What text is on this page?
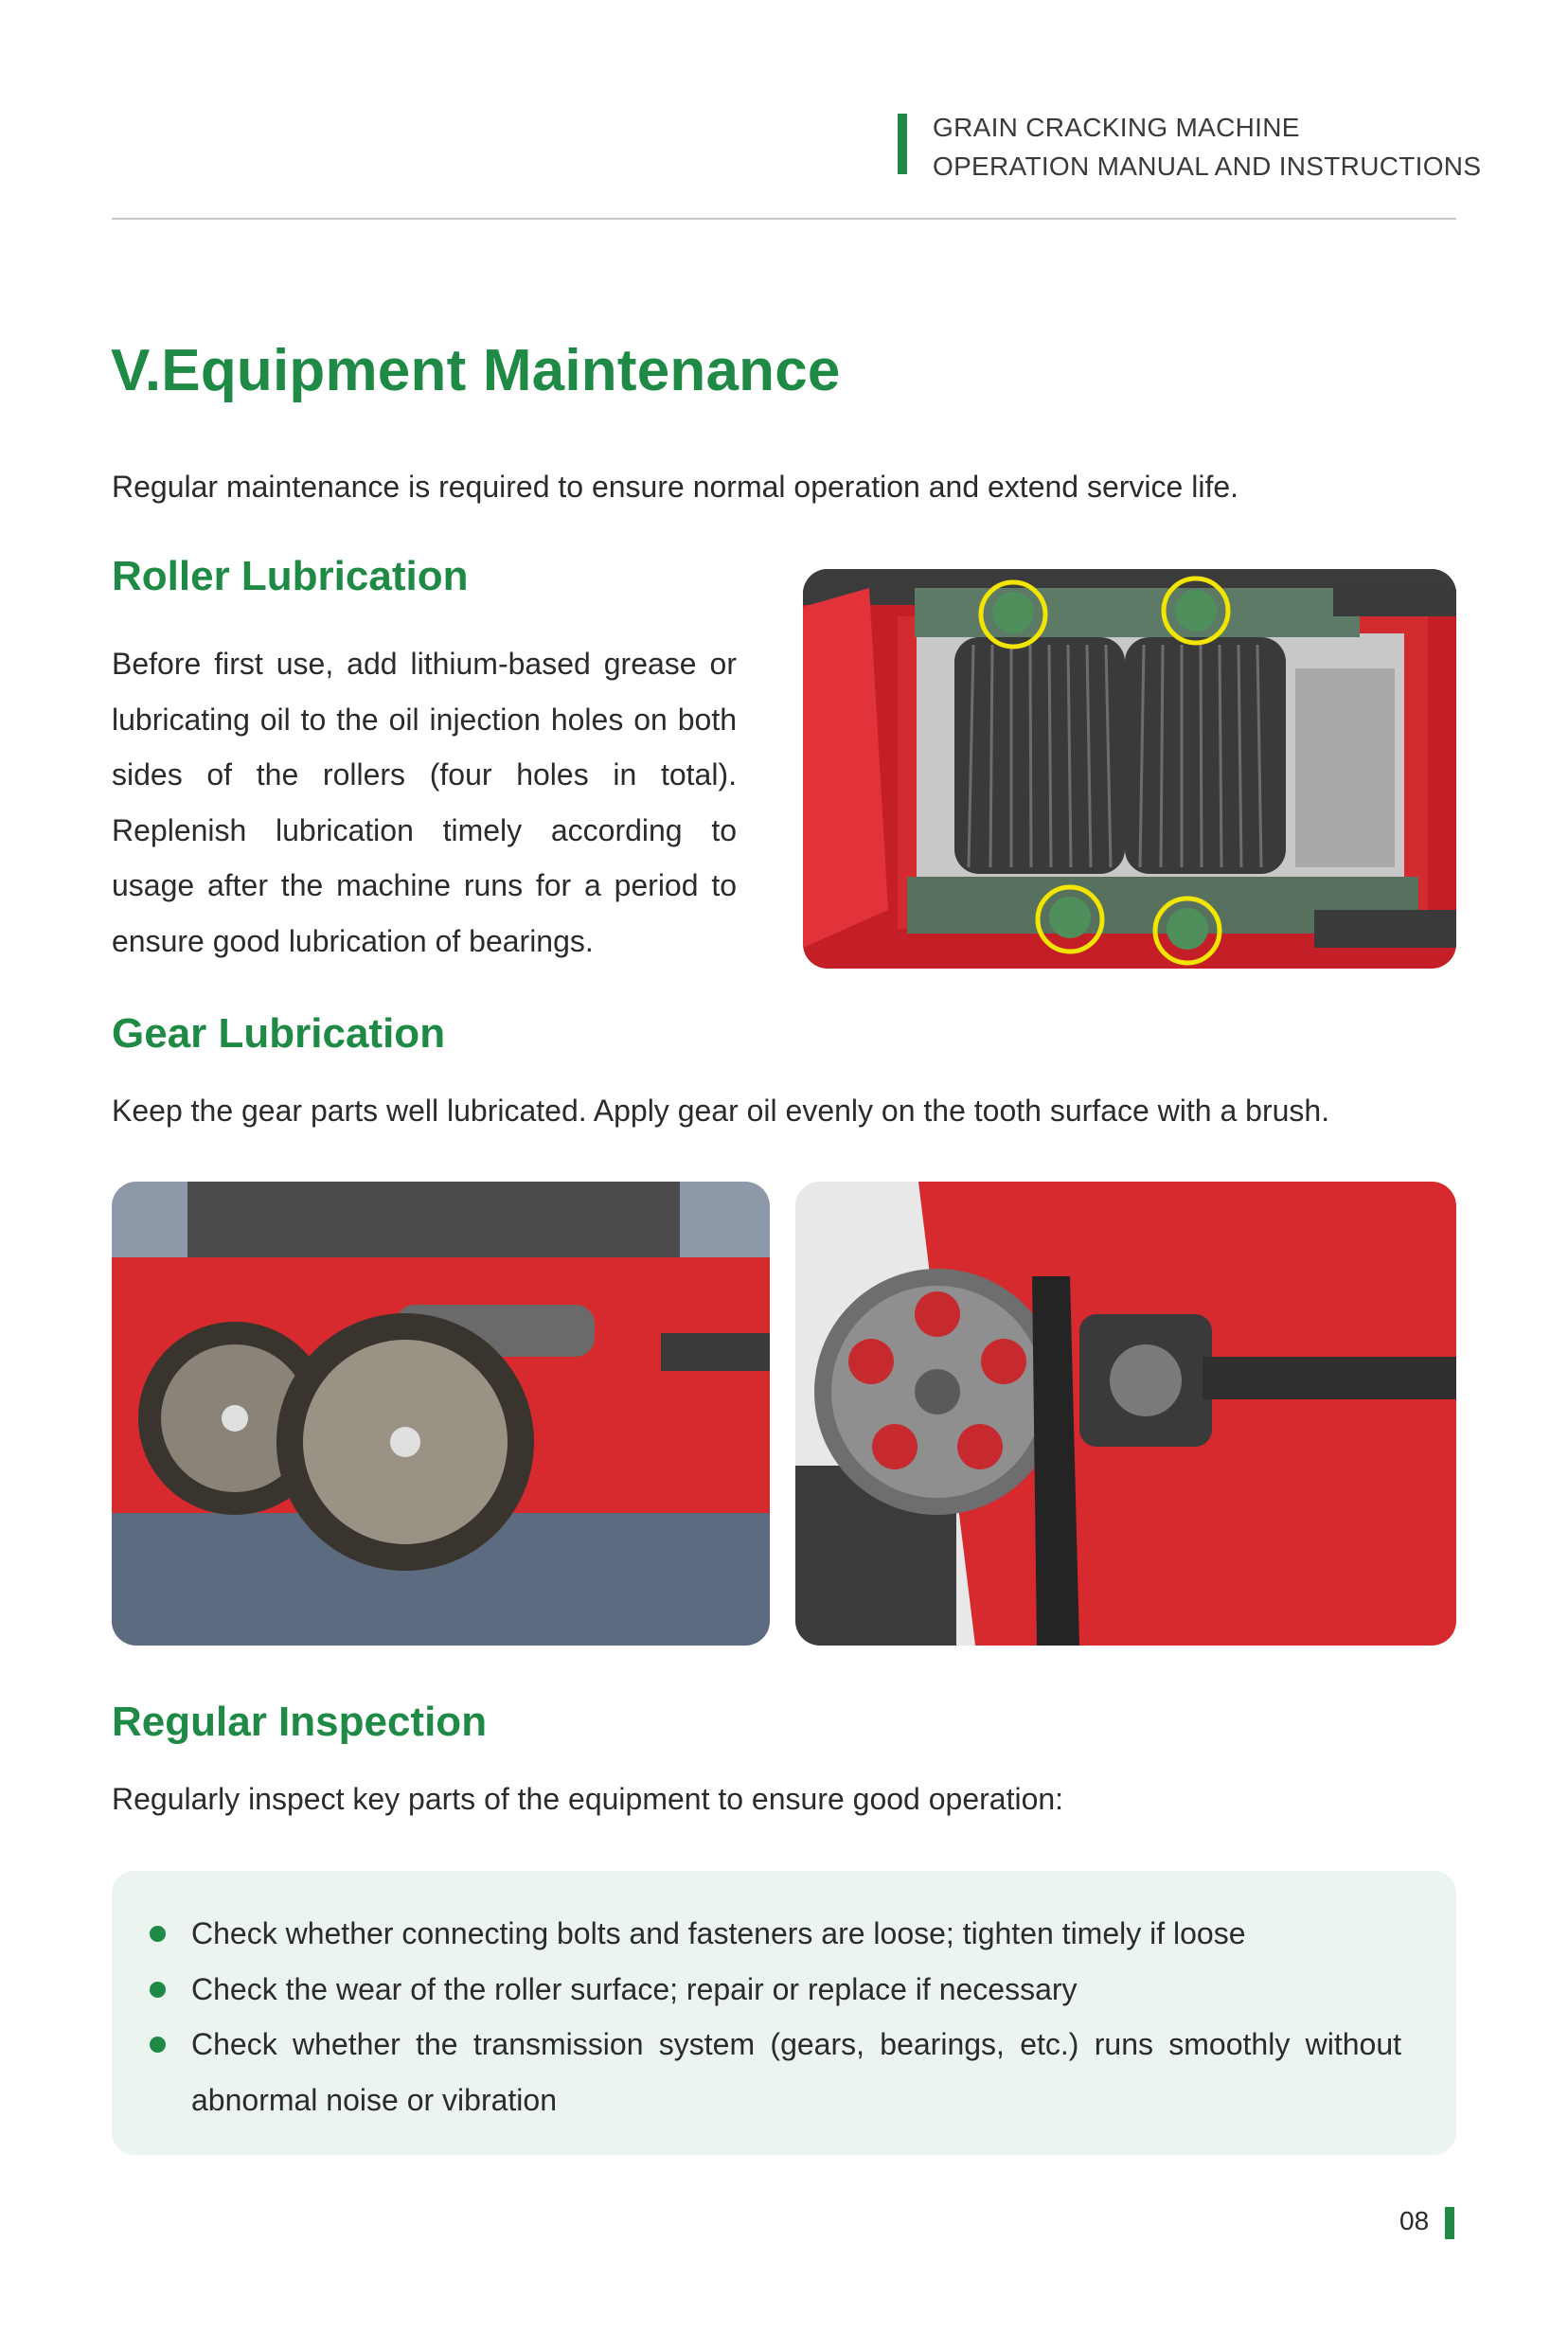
GRAIN CRACKING MACHINE
OPERATION MANUAL AND INSTRUCTIONS
V.Equipment Maintenance
Regular maintenance is required to ensure normal operation and extend service life.
Roller Lubrication
Before first use, add lithium-based grease or lubricating oil to the oil injection holes on both sides of the rollers (four holes in total). Replenish lubrication timely according to usage after the machine runs for a period to ensure good lubrication of bearings.
Gear Lubrication
Keep the gear parts well lubricated. Apply gear oil evenly on the tooth surface with a brush.
Regular Inspection
Regularly inspect key parts of the equipment to ensure good operation:
Check whether connecting bolts and fasteners are loose; tighten timely if loose
Check the wear of the roller surface; repair or replace if necessary
Check whether the transmission system (gears, bearings, etc.) runs smoothly without abnormal noise or vibration
08
